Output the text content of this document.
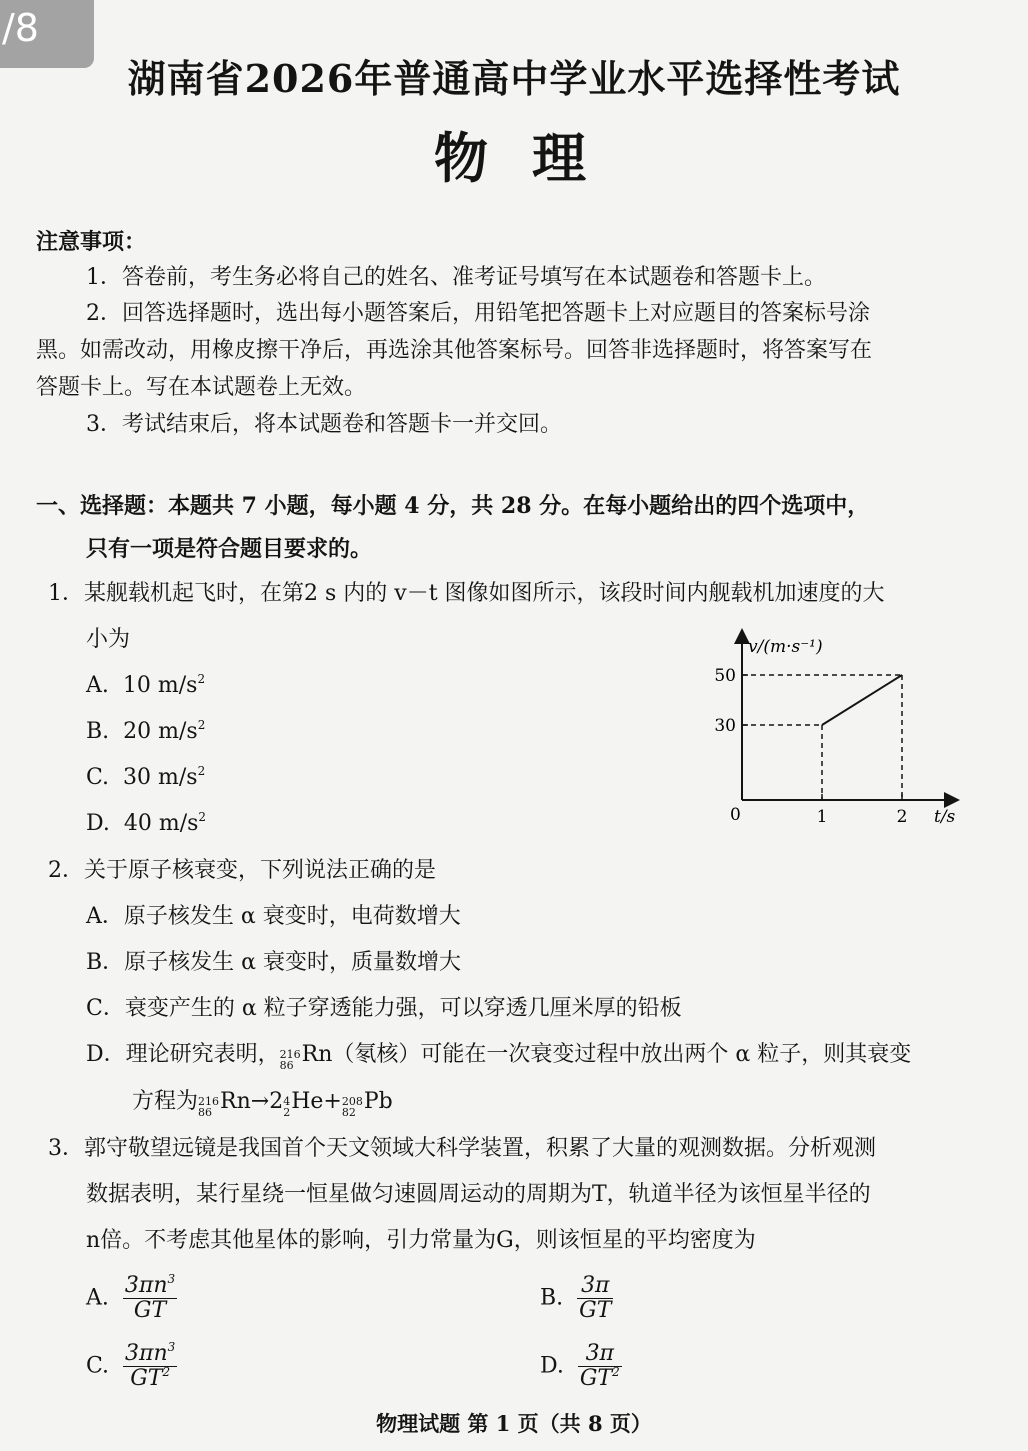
/8
湖南省2026年普通高中学业水平选择性考试
物理
注意事项：
1．答卷前，考生务必将自己的姓名、准考证号填写在本试题卷和答题卡上。
2．回答选择题时，选出每小题答案后，用铅笔把答题卡上对应题目的答案标号涂
黑。如需改动，用橡皮擦干净后，再选涂其他答案标号。回答非选择题时，将答案写在
答题卡上。写在本试题卷上无效。
3．考试结束后，将本试题卷和答题卡一并交回。
一、选择题：本题共 7 小题，每小题 4 分，共 28 分。在每小题给出的四个选项中，
只有一项是符合题目要求的。
1．某舰载机起飞时，在第2 s 内的 v－t 图像如图所示，该段时间内舰载机加速度的大
小为
A. 10 $m/s^2$
B. 20 $m/s^2$
C. 30 $m/s^2$
D. 40 $m/s^2$
v/(m·s⁻¹)
t/s
0	1	2
30
50
2．关于原子核衰变，下列说法正确的是
A．原子核发生 α 衰变时，电荷数增大
B．原子核发生 α 衰变时，质量数增大
C．衰变产生的 α 粒子穿透能力强，可以穿透几厘米厚的铅板
D．理论研究表明， 216
86 Rn（氡核）可能在一次衰变过程中放出两个 α 粒子，则其衰变
方程为 216
86 Rn→2 4
2 He+ 208
82 Pb
3．郭守敬望远镜是我国首个天文领域大科学装置，积累了大量的观测数据。分析观测
数据表明，某行星绕一恒星做匀速圆周运动的周期为T，轨道半径为该恒星半径的
n倍。不考虑其他星体的影响，引力常量为G，则该恒星的平均密度为
A. $\frac{3\pi n^3}{GT}$	B. $\frac{3\pi}{GT}$
C. $\frac{3\pi n^3}{GT^2}$	D. $\frac{3\pi}{GT^2}$
物理试题 第 1 页（共 8 页）
